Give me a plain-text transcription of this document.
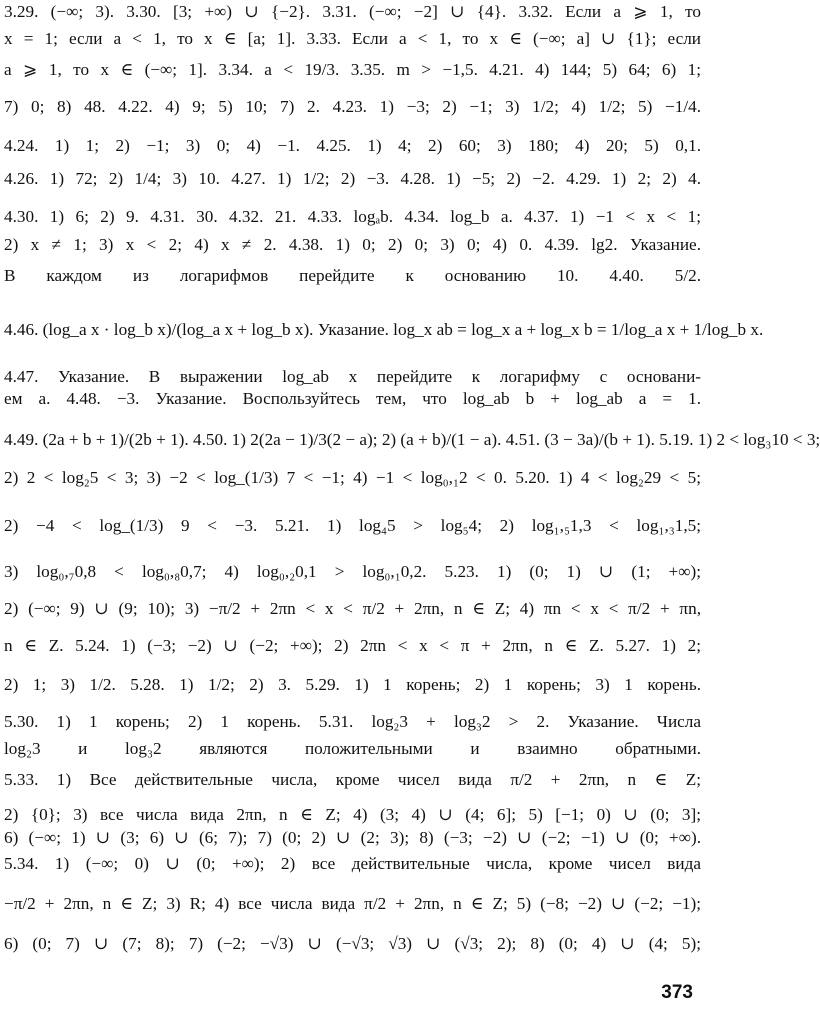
3.29. (−∞; 3). 3.30. [3; +∞) ∪ {−2}. 3.31. (−∞; −2] ∪ {4}. 3.32. Если a ⩾ 1, то
x = 1; если a < 1, то x ∈ [a; 1]. 3.33. Если a < 1, то x ∈ (−∞; a] ∪ {1}; если
a ⩾ 1, то x ∈ (−∞; 1]. 3.34. a < 19/3. 3.35. m > −1,5. 4.21. 4) 144; 5) 64; 6) 1;
7) 0; 8) 48. 4.22. 4) 9; 5) 10; 7) 2. 4.23. 1) −3; 2) −1; 3) 1/2; 4) 1/2; 5) −1/4.
4.24. 1) 1; 2) −1; 3) 0; 4) −1. 4.25. 1) 4; 2) 60; 3) 180; 4) 20; 5) 0,1.
4.26. 1) 72; 2) 1/4; 3) 10. 4.27. 1) 1/2; 2) −3. 4.28. 1) −5; 2) −2. 4.29. 1) 2; 2) 4.
4.30. 1) 6; 2) 9. 4.31. 30. 4.32. 21. 4.33. logₐb. 4.34. log_b a. 4.37. 1) −1 < x < 1;
2) x ≠ 1; 3) x < 2; 4) x ≠ 2. 4.38. 1) 0; 2) 0; 3) 0; 4) 0. 4.39. lg2. Указание.
В каждом из логарифмов перейдите к основанию 10. 4.40. 5/2.
4.46. (log_a x · log_b x)/(log_a x + log_b x). Указание. log_x ab = log_x a + log_x b = 1/log_a x + 1/log_b x.
4.47. Указание. В выражении log_ab x перейдите к логарифму с основани-
ем a. 4.48. −3. Указание. Воспользуйтесь тем, что log_ab b + log_ab a = 1.
4.49. (2a + b + 1)/(2b + 1). 4.50. 1) 2(2a − 1)/3(2 − a); 2) (a + b)/(1 − a). 4.51. (3 − 3a)/(b + 1). 5.19. 1) 2 < log₃10 < 3;
2) 2 < log₂5 < 3; 3) −2 < log_(1/3) 7 < −1; 4) −1 < log₀,₁2 < 0. 5.20. 1) 4 < log₂29 < 5;
2) −4 < log_(1/3) 9 < −3. 5.21. 1) log₄5 > log₅4; 2) log₁,₅1,3 < log₁,₃1,5;
3) log₀,₇0,8 < log₀,₈0,7; 4) log₀,₂0,1 > log₀,₁0,2. 5.23. 1) (0; 1) ∪ (1; +∞);
2) (−∞; 9) ∪ (9; 10); 3) −π/2 + 2πn < x < π/2 + 2πn, n ∈ Z; 4) πn < x < π/2 + πn,
n ∈ Z. 5.24. 1) (−3; −2) ∪ (−2; +∞); 2) 2πn < x < π + 2πn, n ∈ Z. 5.27. 1) 2;
2) 1; 3) 1/2. 5.28. 1) 1/2; 2) 3. 5.29. 1) 1 корень; 2) 1 корень; 3) 1 корень.
5.30. 1) 1 корень; 2) 1 корень. 5.31. log₂3 + log₃2 > 2. Указание. Числа
log₂3 и log₃2 являются положительными и взаимно обратными.
5.33. 1) Все действительные числа, кроме чисел вида π/2 + 2πn, n ∈ Z;
2) {0}; 3) все числа вида 2πn, n ∈ Z; 4) (3; 4) ∪ (4; 6]; 5) [−1; 0) ∪ (0; 3];
6) (−∞; 1) ∪ (3; 6) ∪ (6; 7); 7) (0; 2) ∪ (2; 3); 8) (−3; −2) ∪ (−2; −1) ∪ (0; +∞).
5.34. 1) (−∞; 0) ∪ (0; +∞); 2) все действительные числа, кроме чисел вида
−π/2 + 2πn, n ∈ Z; 3) R; 4) все числа вида π/2 + 2πn, n ∈ Z; 5) (−8; −2) ∪ (−2; −1);
6) (0; 7) ∪ (7; 8); 7) (−2; −√3) ∪ (−√3; √3) ∪ (√3; 2); 8) (0; 4) ∪ (4; 5);
373
